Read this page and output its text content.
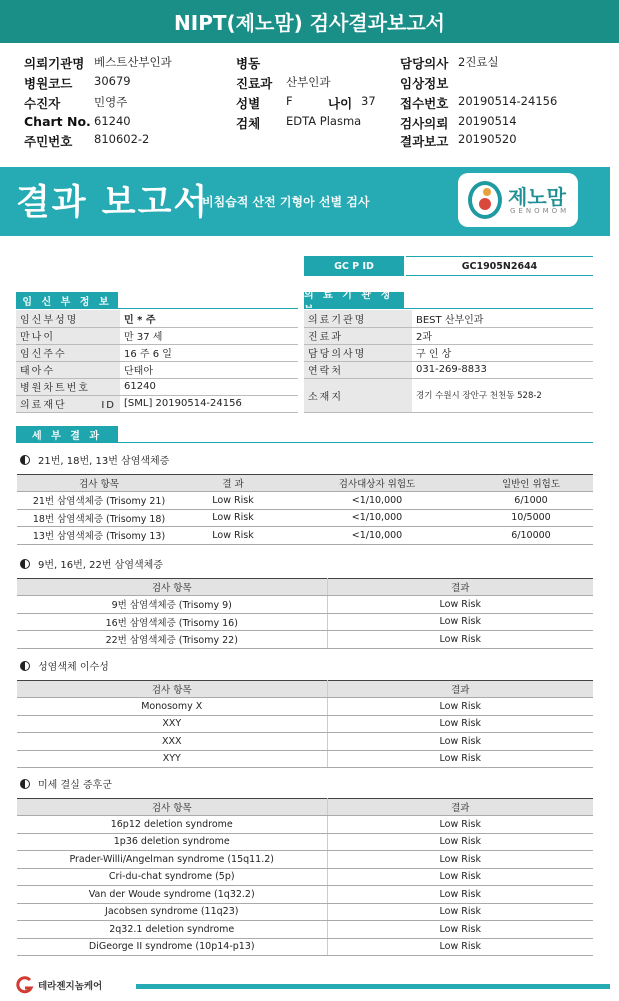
NIPT(제노맘) 검사결과보고서
의뢰기관명 베스트산부인과	병동	담당의사 2진료실
병원코드 30679	진료과 산부인과	임상정보
수진자	민영주	성별 F	나이 37 접수번호 20190514-24156
Chart No. 61240	검체 EDTA Plasma	검사의뢰 20190514
주민번호 810602-2	결과보고 20190520
결과 보고서
비침습적 산전 기형아 선별 검사	제노맘
GENOMOM
GC P ID	GC1905N2644
임 신 부 정 보
임신부성명	민 * 주
만나이	만 37 세
임신주수	16 주 6 일
태아수	단태아
병원차트번호	61240
의료재단 ID	[SML] 20190514-24156
의 료 기 관 정
의료기관명	BEST 산부인과
진료과	2과
담당의사명	구 인 상
연락처	031-269-8833
소재지	경기 수원시 장안구 천천동 528-2
세 부 결 과
21번, 18번, 13번 삼염색체증
검사 항목	결 과	검사대상자 위험도	일반인 위험도
21번 삼염색체증 (Trisomy 21)	Low Risk	<1/10,000	6/1000
18번 삼염색체증 (Trisomy 18)	Low Risk	<1/10,000	10/5000
13번 삼염색체증 (Trisomy 13)	Low Risk	<1/10,000	6/10000
9번, 16번, 22번 삼염색체증
검사 항목	결과
9번 삼염색체증 (Trisomy 9)	Low Risk
16번 삼염색체증 (Trisomy 16)	Low Risk
22번 삼염색체증 (Trisomy 22)	Low Risk
성염색체 이수성
검사 항목	결과
Monosomy X	Low Risk
XXY	Low Risk
XXX	Low Risk
XYY	Low Risk
미세 결실 증후군
검사 항목	결과
16p12 deletion syndrome	Low Risk
1p36 deletion syndrome	Low Risk
Prader-Willi/Angelman syndrome (15q11.2)	Low Risk
Cri-du-chat syndrome (5p)	Low Risk
Van der Woude syndrome (1q32.2)	Low Risk
Jacobsen syndrome (11q23)	Low Risk
2q32.1 deletion syndrome	Low Risk
DiGeorge II syndrome (10p14-p13)	Low Risk
테라젠지놈케어
